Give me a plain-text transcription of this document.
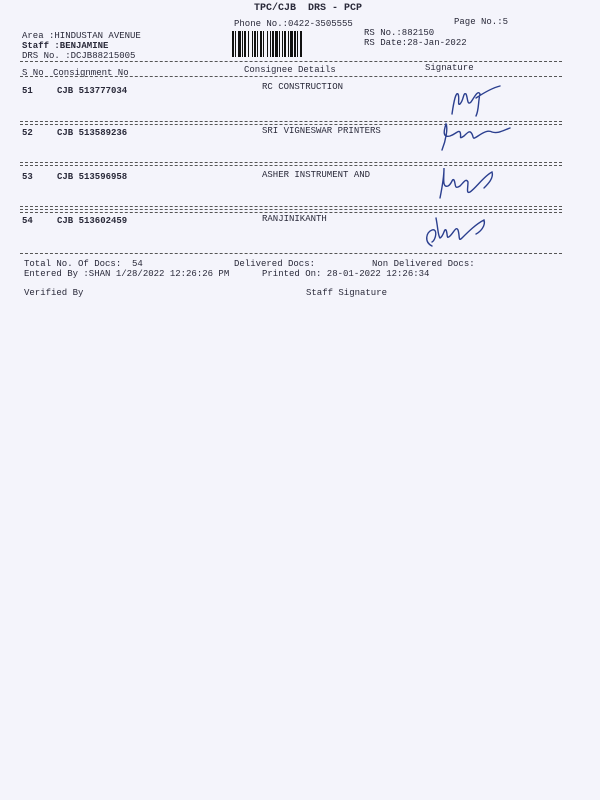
TPC/CJB  DRS - PCP
Phone No.:0422-3505555	Page No.:5
Area :HINDUSTAN AVENUE
Staff :BENJAMINE
DRS No. :DCJB88215005
RS No.:882150
RS Date:28-Jan-2022
S No Consignment No	Consignee Details	Signature
51	CJB 513777034	RC CONSTRUCTION
52	CJB 513589236	SRI VIGNESWAR PRINTERS
53	CJB 513596958	ASHER INSTRUMENT AND
54	CJB 513602459	RANJINIKANTH
Total No. Of Docs:  54	Delivered Docs:	Non Delivered Docs:
Entered By :SHAN 1/28/2022 12:26:26 PM	Printed On: 28-01-2022 12:26:34
Verified By	Staff Signature
